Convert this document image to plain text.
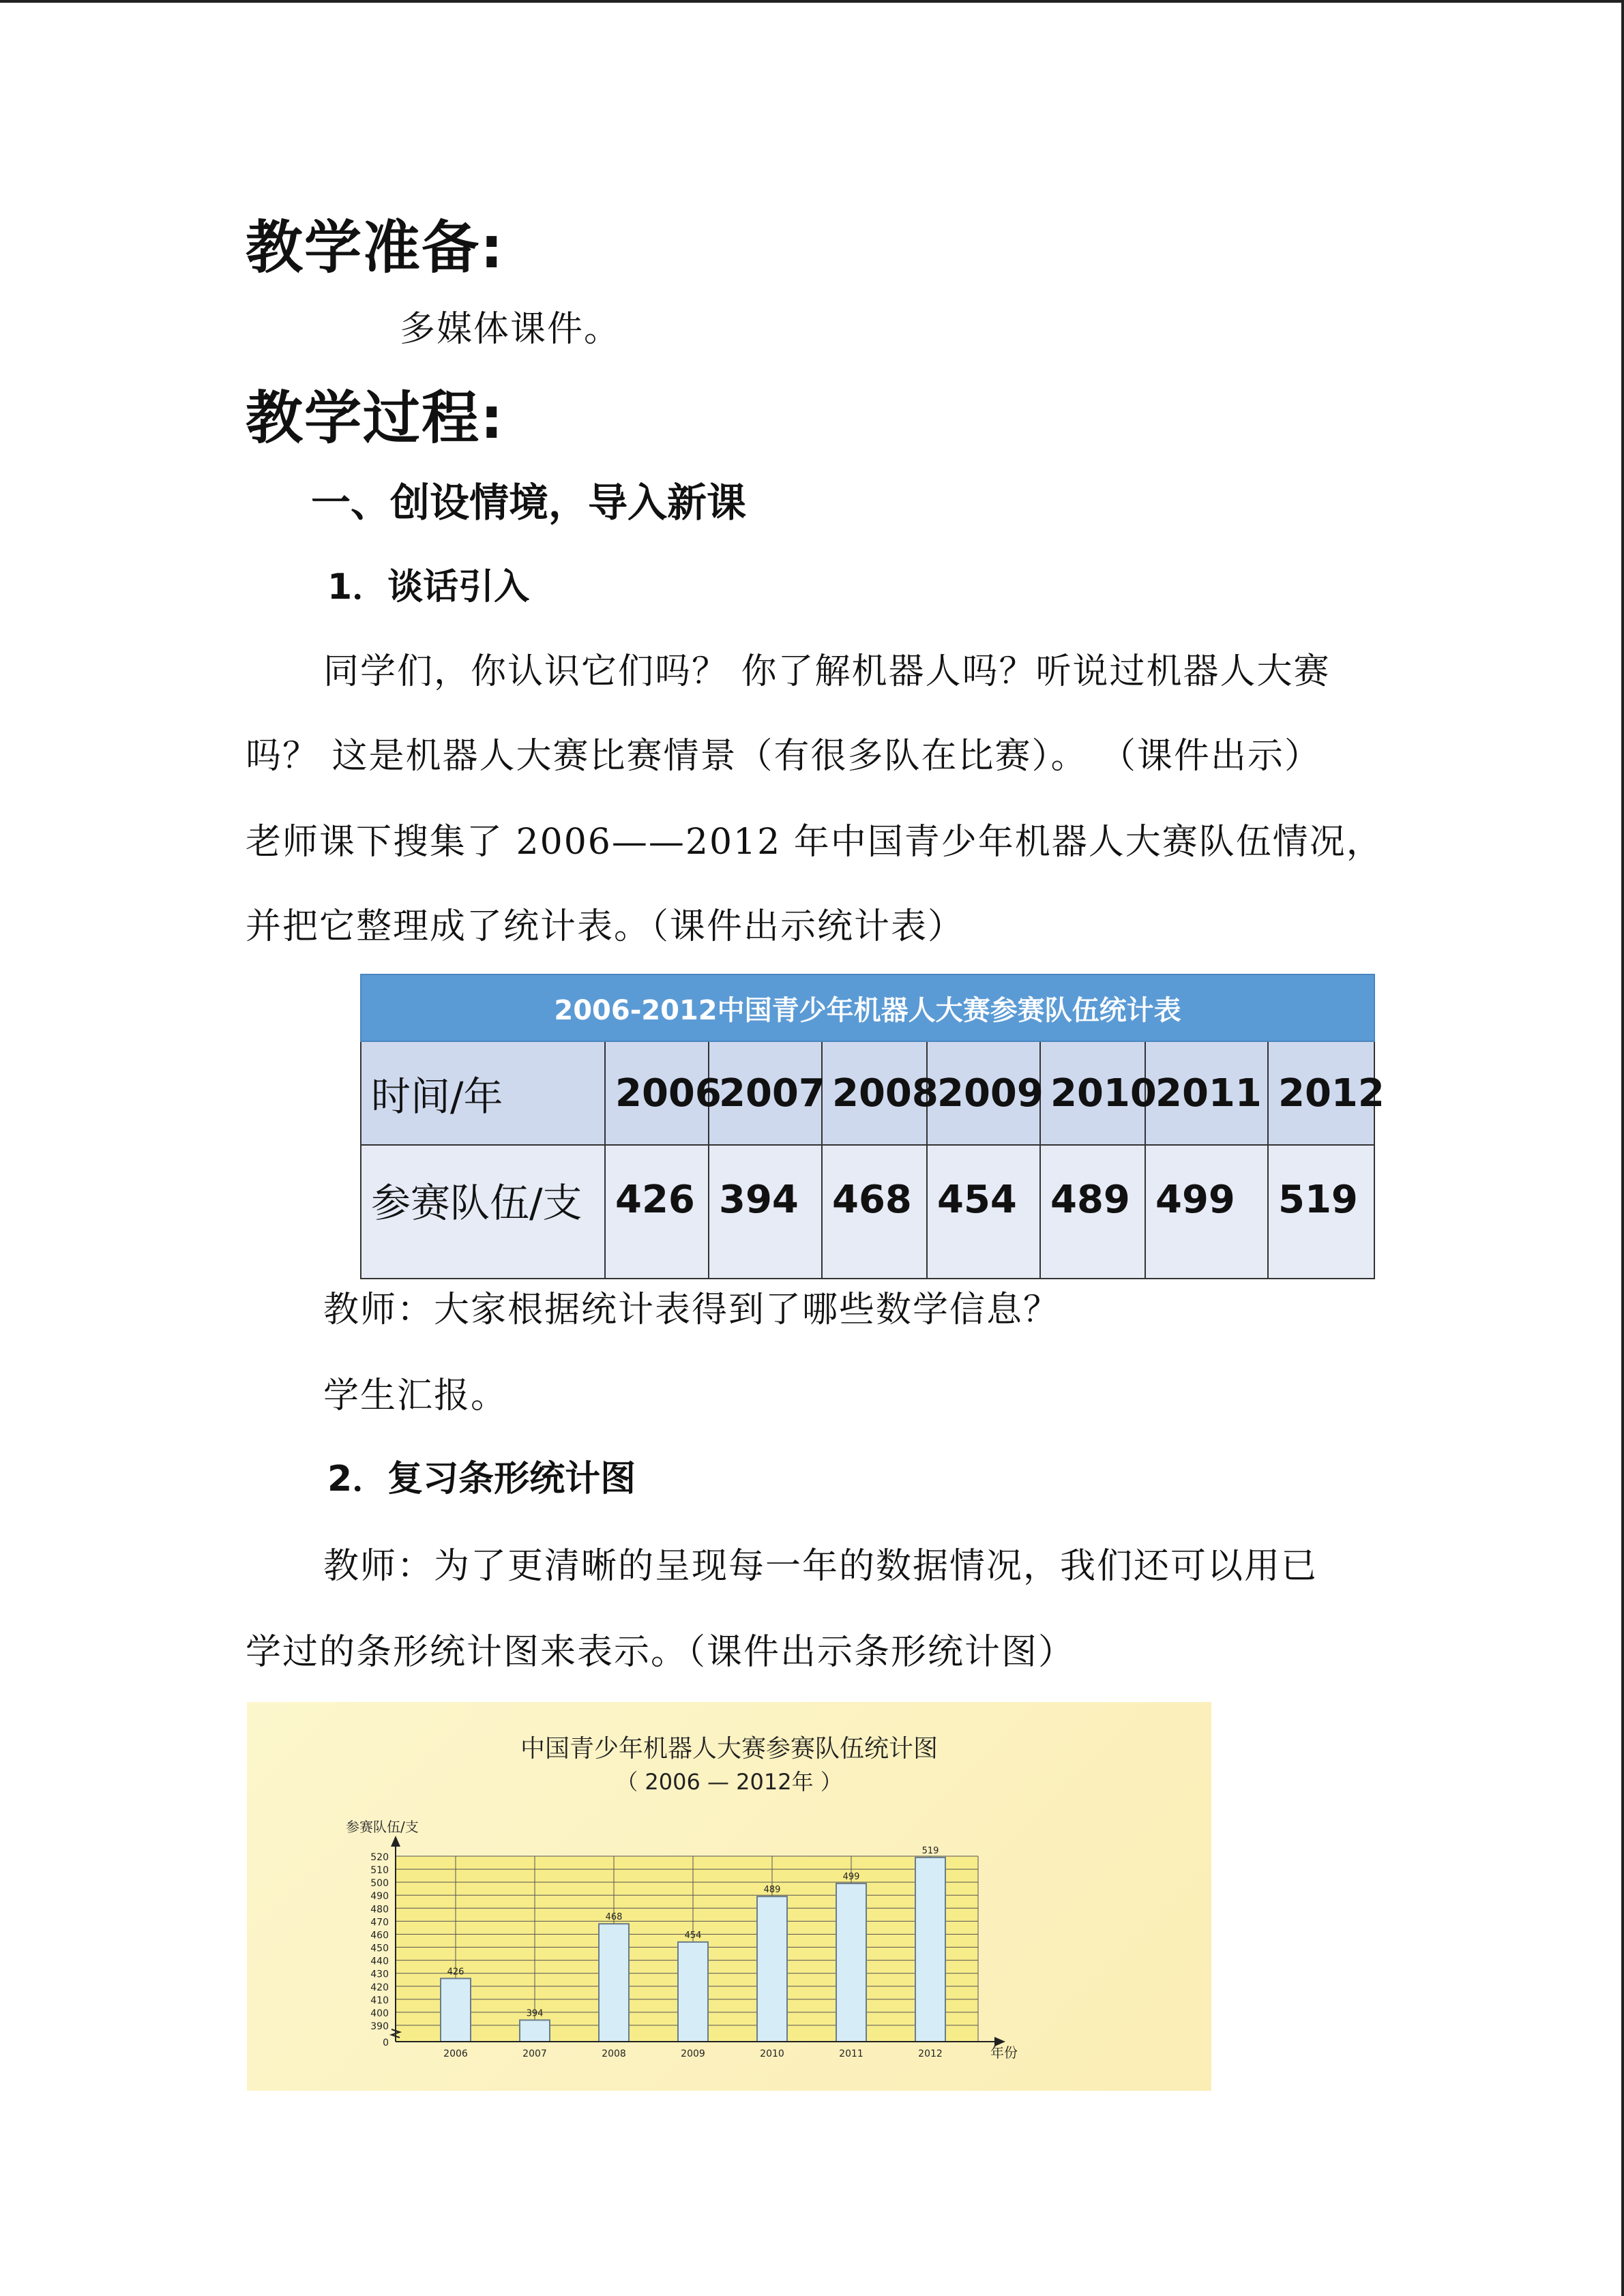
教学准备:
多媒体课件。
教学过程:
一、创设情境，导入新课
1．谈话引入
同学们，你认识它们吗？ 你了解机器人吗？听说过机器人大赛
吗？ 这是机器人大赛比赛情景（有很多队在比赛）。 （课件出示）
老师课下搜集了 2006——2012 年中国青少年机器人大赛队伍情况，
并把它整理成了统计表。（课件出示统计表）
2006-2012中国青少年机器人大赛参赛队伍统计表							
时间/年	2006	2007	2008	2009	2010	2011	2012
参赛队伍/支	426	394	468	454	489	499	519
教师：大家根据统计表得到了哪些数学信息？
学生汇报。
2．复习条形统计图
教师：为了更清晰的呈现每一年的数据情况，我们还可以用已
学过的条形统计图来表示。（课件出示条形统计图）
中国青少年机器人大赛参赛队伍统计图
（ 2006 — 2012年 ）
参赛队伍/支
年份
426
394
468
454
489
499
519
0
390
400
410
420
430
440
450
460
470
480
490
500
510
520
2006	2007	2008	2009	2010	2011	2012
